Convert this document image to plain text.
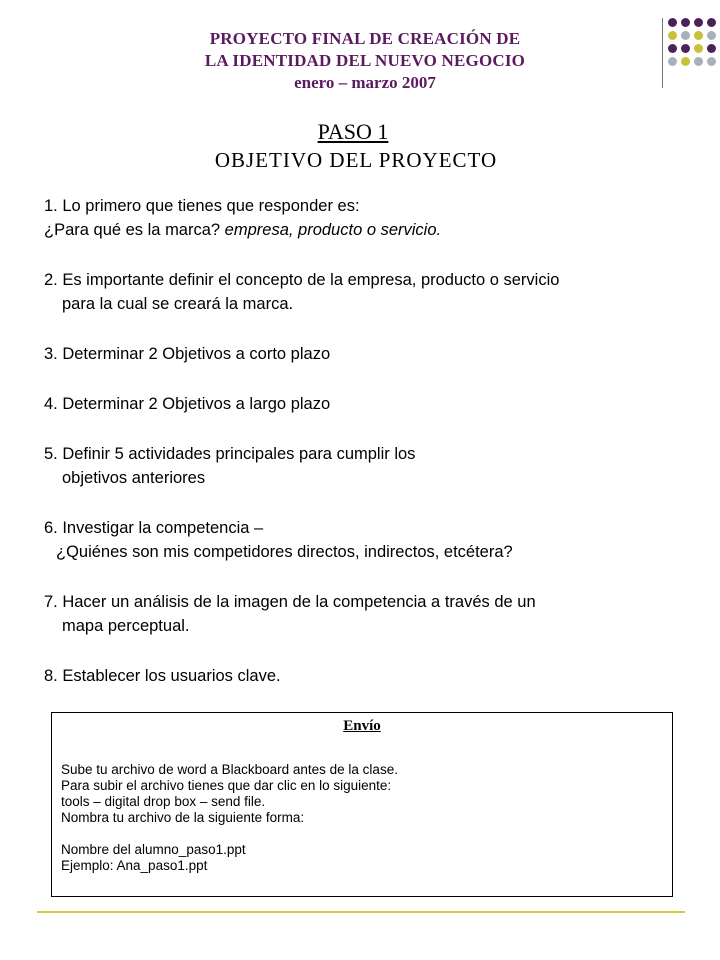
PROYECTO FINAL DE CREACIÓN DE
LA IDENTIDAD DEL NUEVO NEGOCIO
enero – marzo 2007
PASO 1
OBJETIVO DEL PROYECTO

1. Lo primero que tienes que responder es:

¿Para qué es la marca? empresa, producto o servicio.

2. Es importante definir el concepto de la empresa, producto o servicio

para la cual se creará la marca.

3. Determinar 2 Objetivos a corto plazo

4. Determinar 2 Objetivos a largo plazo

5. Definir 5 actividades principales para cumplir los

objetivos anteriores

6. Investigar la competencia –

¿Quiénes son mis competidores directos, indirectos, etcétera?

7. Hacer un análisis de la imagen de la competencia a través de un

mapa perceptual.

8. Establecer los usuarios clave.

Envío

Sube tu archivo de word a Blackboard antes de la clase.

Para subir el archivo tienes que dar clic en lo siguiente:

tools – digital drop box – send file.

Nombra tu archivo de la siguiente forma:

Nombre del alumno_paso1.ppt

Ejemplo: Ana_paso1.ppt
